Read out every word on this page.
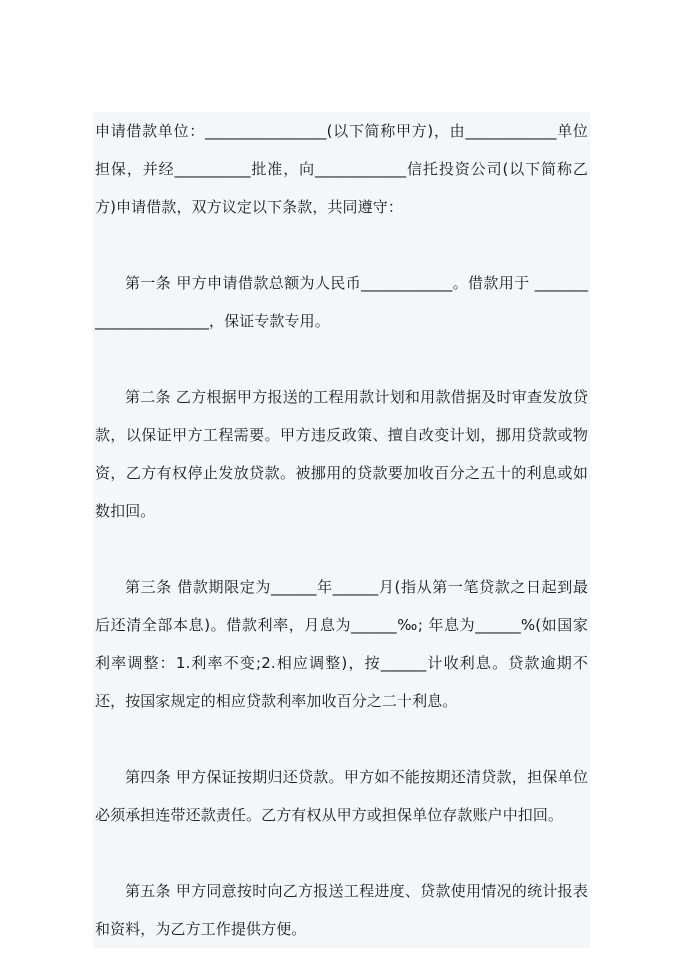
申请借款单位：________________(以下简称甲方)，由____________单位担保，并经__________批准，向____________信托投资公司(以下简称乙方)申请借款，双方议定以下条款，共同遵守：

第一条 甲方申请借款总额为人民币____________。借款用于 ______________________，保证专款专用。

第二条 乙方根据甲方报送的工程用款计划和用款借据及时审查发放贷款，以保证甲方工程需要。甲方违反政策、擅自改变计划，挪用贷款或物资，乙方有权停止发放贷款。被挪用的贷款要加收百分之五十的利息或如数扣回。

第三条 借款期限定为______年______月(指从第一笔贷款之日起到最后还清全部本息)。借款利率，月息为______‰; 年息为______%(如国家利率调整：1.利率不变;2.相应调整)，按______计收利息。贷款逾期不还，按国家规定的相应贷款利率加收百分之二十利息。

第四条 甲方保证按期归还贷款。甲方如不能按期还清贷款，担保单位必须承担连带还款责任。乙方有权从甲方或担保单位存款账户中扣回。

第五条 甲方同意按时向乙方报送工程进度、贷款使用情况的统计报表和资料，为乙方工作提供方便。
